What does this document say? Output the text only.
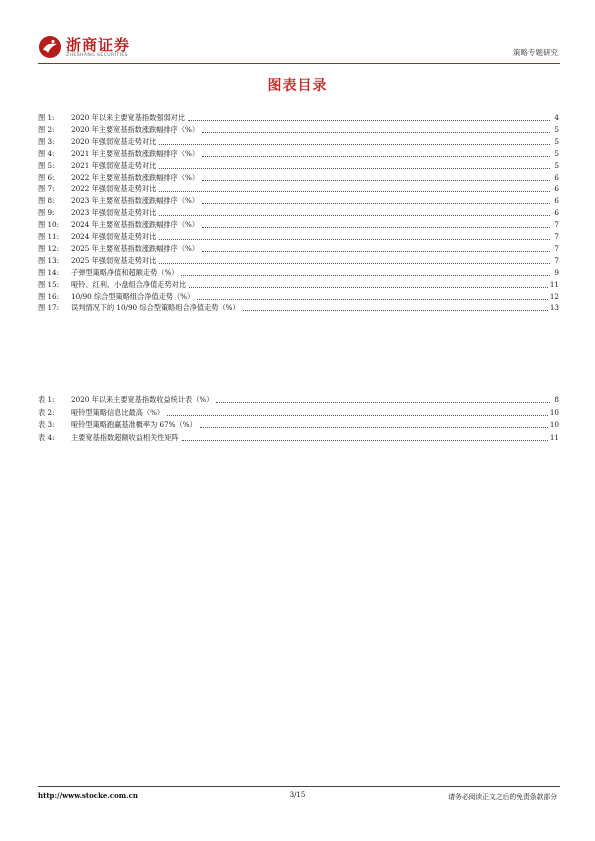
浙商证券
ZHESHANG SECURITIES	策略专题研究
图表目录
图 1:	2020 年以来主要宽基指数强弱对比	4
图 2:	2020 年主要宽基指数涨跌幅排序（%）	5
图 3:	2020 年强弱宽基走势对比	5
图 4:	2021 年主要宽基指数涨跌幅排序（%）	5
图 5:	2021 年强弱宽基走势对比	5
图 6:	2022 年主要宽基指数涨跌幅排序（%）	6
图 7:	2022 年强弱宽基走势对比	6
图 8:	2023 年主要宽基指数涨跌幅排序（%）	6
图 9:	2023 年强弱宽基走势对比	6
图 10:	2024 年主要宽基指数涨跌幅排序（%）	7
图 11:	2024 年强弱宽基走势对比	7
图 12:	2025 年主要宽基指数涨跌幅排序（%）	7
图 13:	2025 年强弱宽基走势对比	7
图 14:	子弹型策略净值和超额走势（%）	9
图 15:	哑铃、红利、小盘组合净值走势对比	11
图 16:	10/90 综合型策略组合净值走势（%）	12
图 17:	误判情况下的 10/90 综合型策略组合净值走势（%）	13
表 1:	2020 年以来主要宽基指数收益统计表（%）	8
表 2:	哑铃型策略信息比最高（%）	10
表 3:	哑铃型策略跑赢基准概率为 67%（%）	10
表 4:	主要宽基指数超额收益相关性矩阵	11
http://www.stocke.com.cn	3/15	请务必阅读正文之后的免责条款部分
